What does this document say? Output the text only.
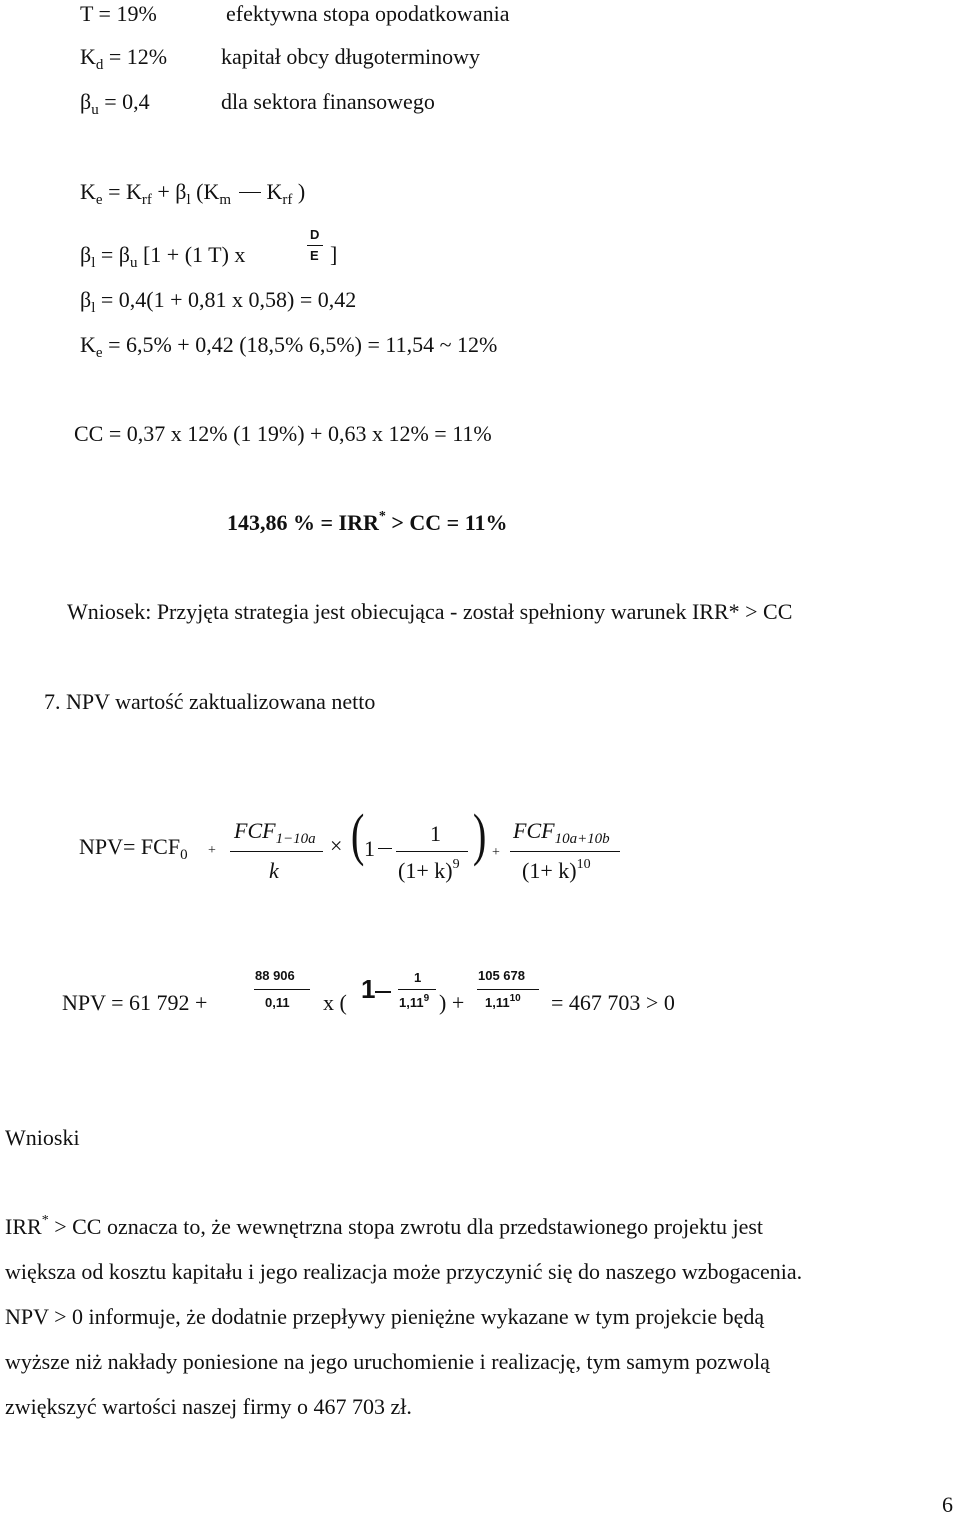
T = 19%	efektywna stopa opodatkowania
$K_d = 12\%$ kapitał obcy długoterminowy
$\beta_u = 0,4$	dla sektora finansowego
$K_e = K_{rf} + \beta_l$ ($K_m$ $K_{rf}$ )
$\beta_l = \beta_u$ [1 + (1 T) x
D
E ]
$\beta_l = 0,4(1 + 0,81$ x 0,58) = 0,42
$K_e = 6,5\% + 0,42$ (18,5% 6,5%) = 11,54 ~ 12%
CC = 0,37 x 12% (1 19%) + 0,63 x 12% = 11%
143,86 % = IRR* > CC = 11%
Wniosek: Przyjęta strategia jest obiecująca - został spełniony warunek IRR* > CC
7. NPV wartość zaktualizowana netto
$NPV= FCF_0$ +
$FCF_{1-10a}$
k
× ( )
1
1
$(1+ k)^9$
+
$FCF_{10a+10b}$
$(1+ k)^{10}$
NPV = 61 792 +
88 906
0,11 x ( 1	1
1,11$^9$ ) +
105 678
$1,11^{10} = 467$ 703 > 0
Wnioski
IRR* > CC oznacza to, że wewnętrzna stopa zwrotu dla przedstawionego projektu jest
większa od kosztu kapitału i jego realizacja może przyczynić się do naszego wzbogacenia.
NPV > 0 informuje, że dodatnie przepływy pieniężne wykazane w tym projekcie będą
wyższe niż nakłady poniesione na jego uruchomienie i realizację, tym samym pozwolą
zwiększyć wartości naszej firmy o 467 703 zł.
6
